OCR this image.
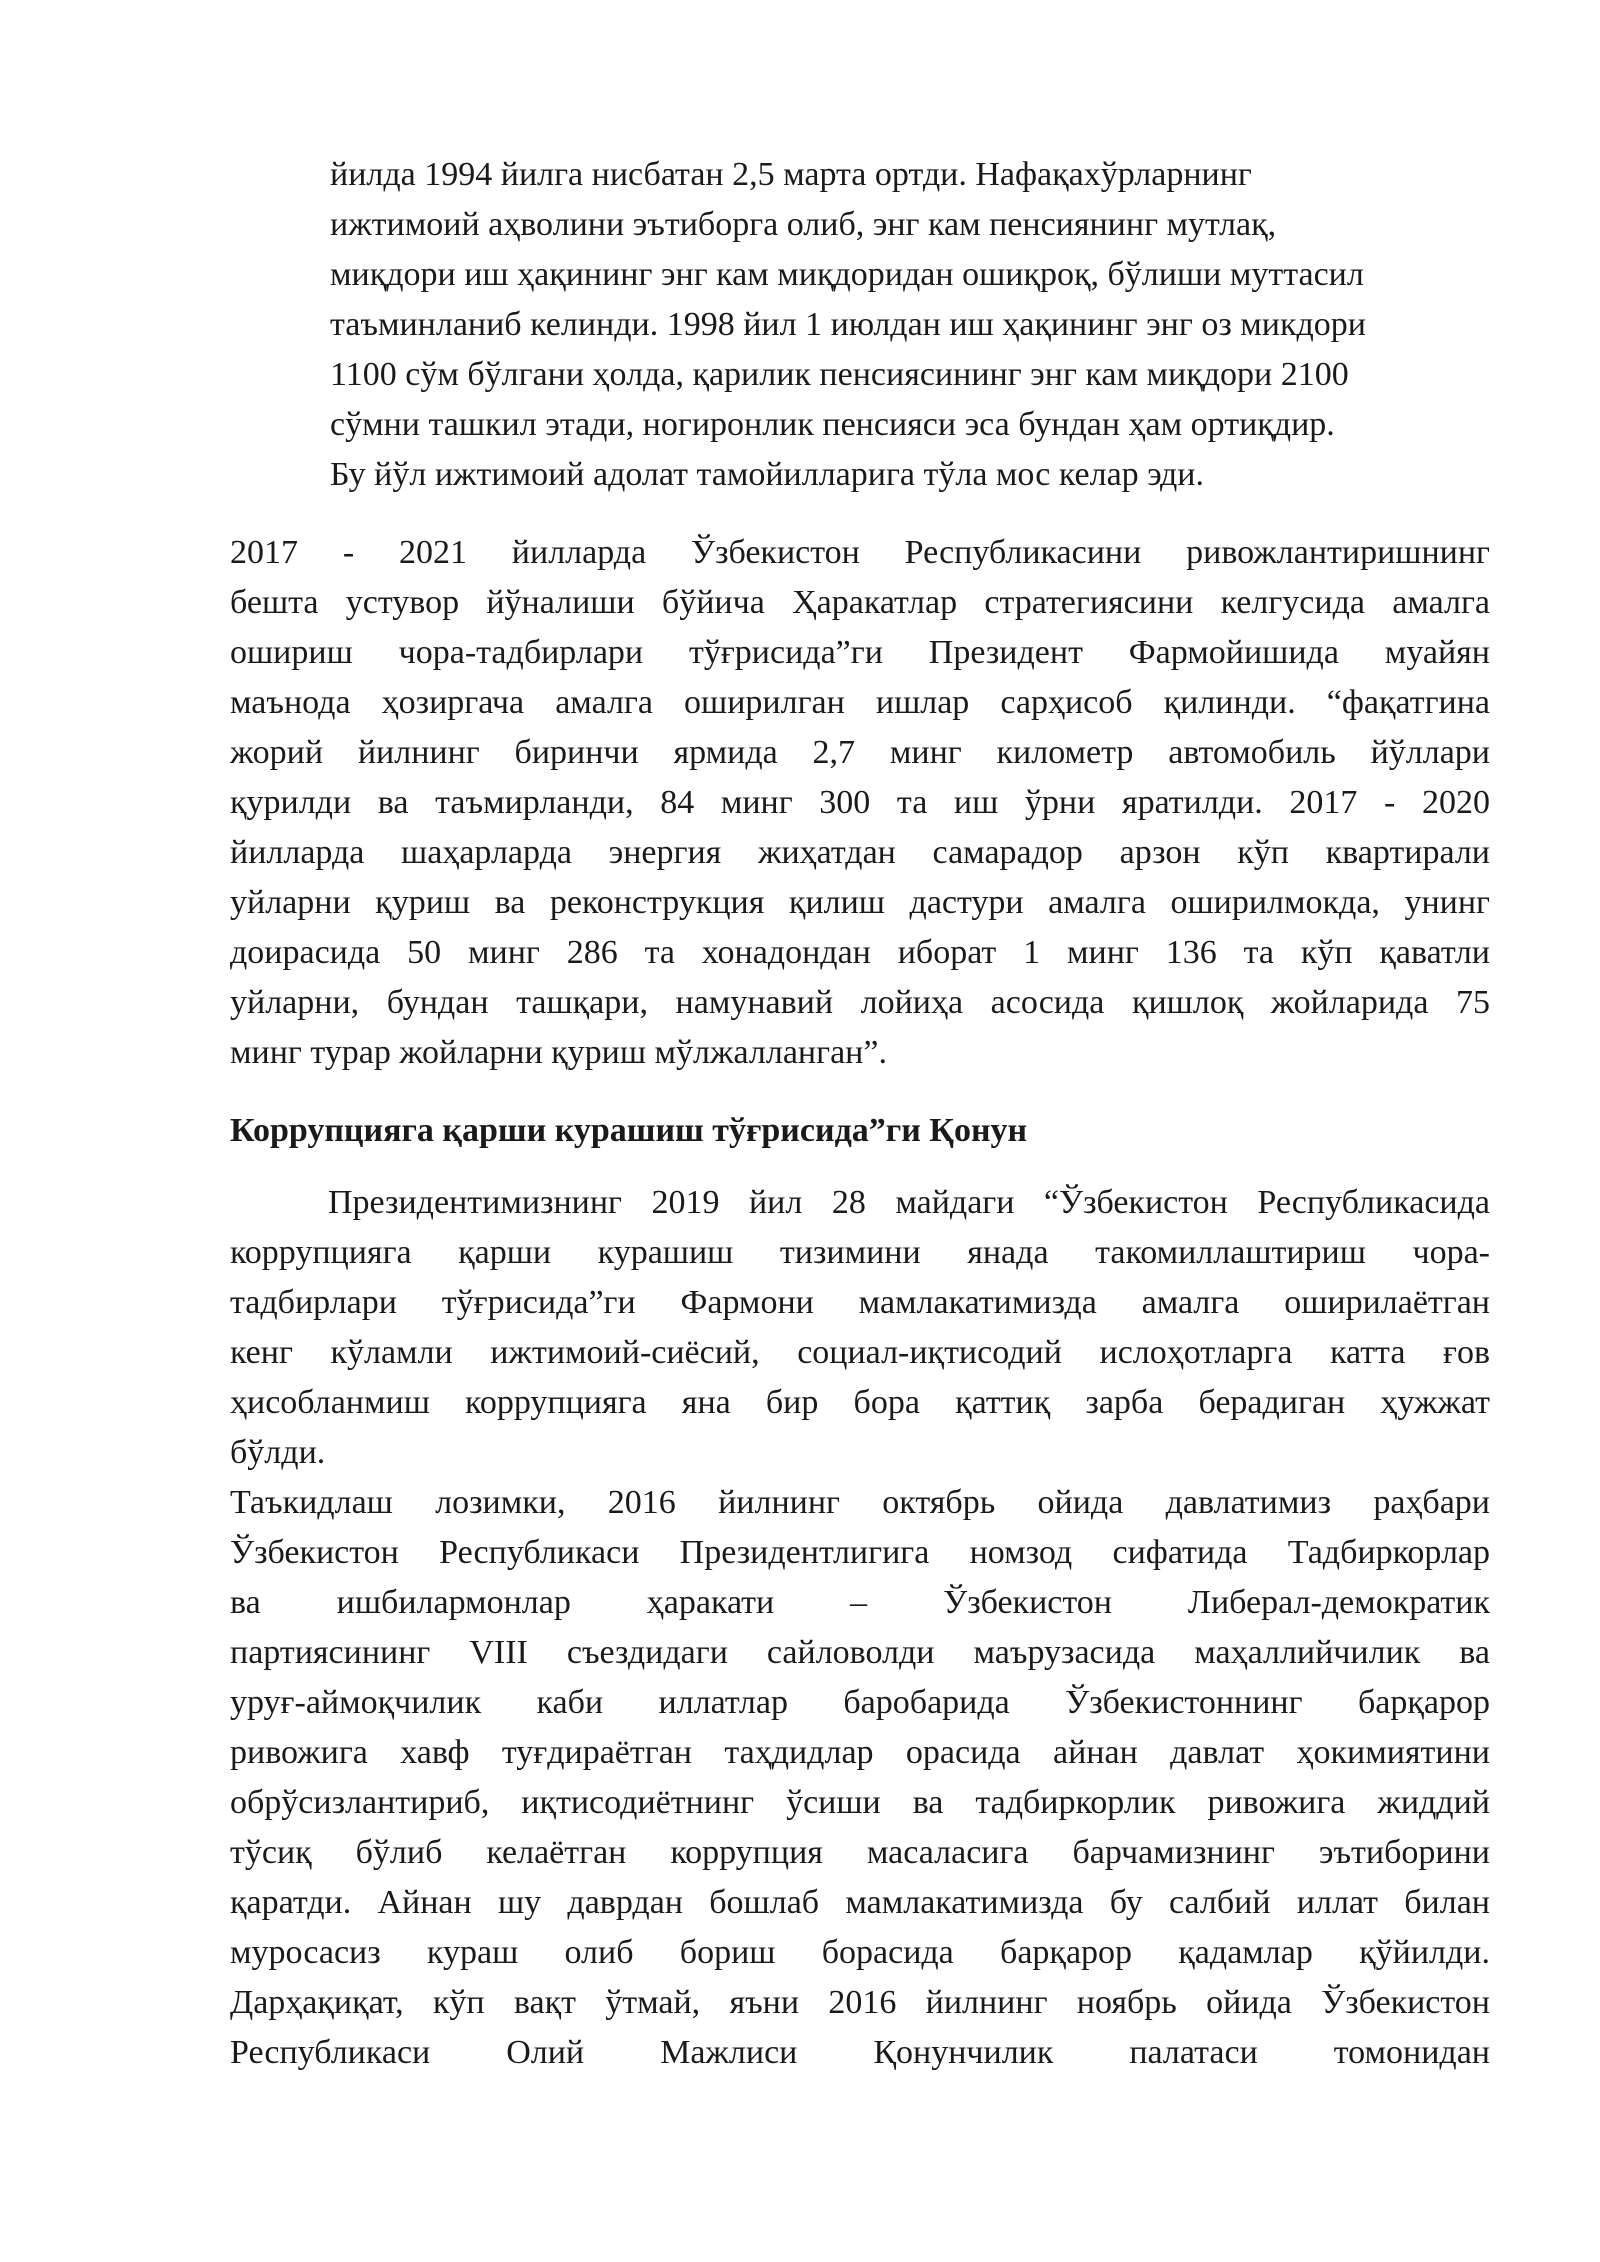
йилда 1994 йилга нисбатан 2,5 марта ортди. Нафақахўрларнинг
ижтимоий аҳволини эътиборга олиб, энг кам пенсиянинг мутлақ,
миқдори иш ҳақининг энг кам миқдоридан ошиқроқ, бўлиши муттасил
таъминланиб келинди. 1998 йил 1 июлдан иш ҳақининг энг оз микдори
1100 сўм бўлгани ҳолда, қарилик пенсиясининг энг кам миқдори 2100
сўмни ташкил этади, ногиронлик пенсияси эса бундан ҳам ортиқдир.
Бу йўл ижтимоий адолат тамойилларига тўла мос келар эди.
2017 - 2021 йилларда Ўзбекистон Республикасини ривожлантиришнинг
бешта устувор йўналиши бўйича Ҳаракатлар стратегиясини келгусида амалга
ошириш чора-тадбирлари тўғрисида”ги Президент Фармойишида муайян
маънода ҳозиргача амалга оширилган ишлар сарҳисоб қилинди. “фақатгина
жорий йилнинг биринчи ярмида 2,7 минг километр автомобиль йўллари
қурилди ва таъмирланди, 84 минг 300 та иш ўрни яратилди. 2017 - 2020
йилларда шаҳарларда энергия жиҳатдан самарадор арзон кўп квартирали
уйларни қуриш ва реконструкция қилиш дастури амалга оширилмокда, унинг
доирасида 50 минг 286 та хонадондан иборат 1 минг 136 та кўп қаватли
уйларни, бундан ташқари, намунавий лойиҳа асосида қишлоқ жойларида 75
минг турар жойларни қуриш мўлжалланган”.
Коррупцияга қарши курашиш тўғрисида”ги Қонун
Президентимизнинг 2019 йил 28 майдаги “Ўзбекистон Республикасида
коррупцияга қарши курашиш тизимини янада такомиллаштириш чора-
тадбирлари тўғрисида”ги Фармони мамлакатимизда амалга оширилаётган
кенг кўламли ижтимоий-сиёсий, социал-иқтисодий ислоҳотларга катта ғов
ҳисобланмиш коррупцияга яна бир бора қаттиқ зарба берадиган ҳужжат
бўлди.
Таъкидлаш лозимки, 2016 йилнинг октябрь ойида давлатимиз раҳбари
Ўзбекистон Республикаси Президентлигига номзод сифатида Тадбиркорлар
ва ишбилармонлар ҳаракати – Ўзбекистон Либерал-демократик
партиясининг VIII съездидаги сайловолди маърузасида маҳаллийчилик ва
уруғ-аймоқчилик каби иллатлар баробарида Ўзбекистоннинг барқарор
ривожига хавф туғдираётган таҳдидлар орасида айнан давлат ҳокимиятини
обрўсизлантириб, иқтисодиётнинг ўсиши ва тадбиркорлик ривожига жиддий
тўсиқ бўлиб келаётган коррупция масаласига барчамизнинг эътиборини
қаратди. Айнан шу даврдан бошлаб мамлакатимизда бу салбий иллат билан
муросасиз кураш олиб бориш борасида барқарор қадамлар қўйилди.
Дарҳақиқат, кўп вақт ўтмай, яъни 2016 йилнинг ноябрь ойида Ўзбекистон
Республикаси Олий Мажлиси Қонунчилик палатаси томонидан
